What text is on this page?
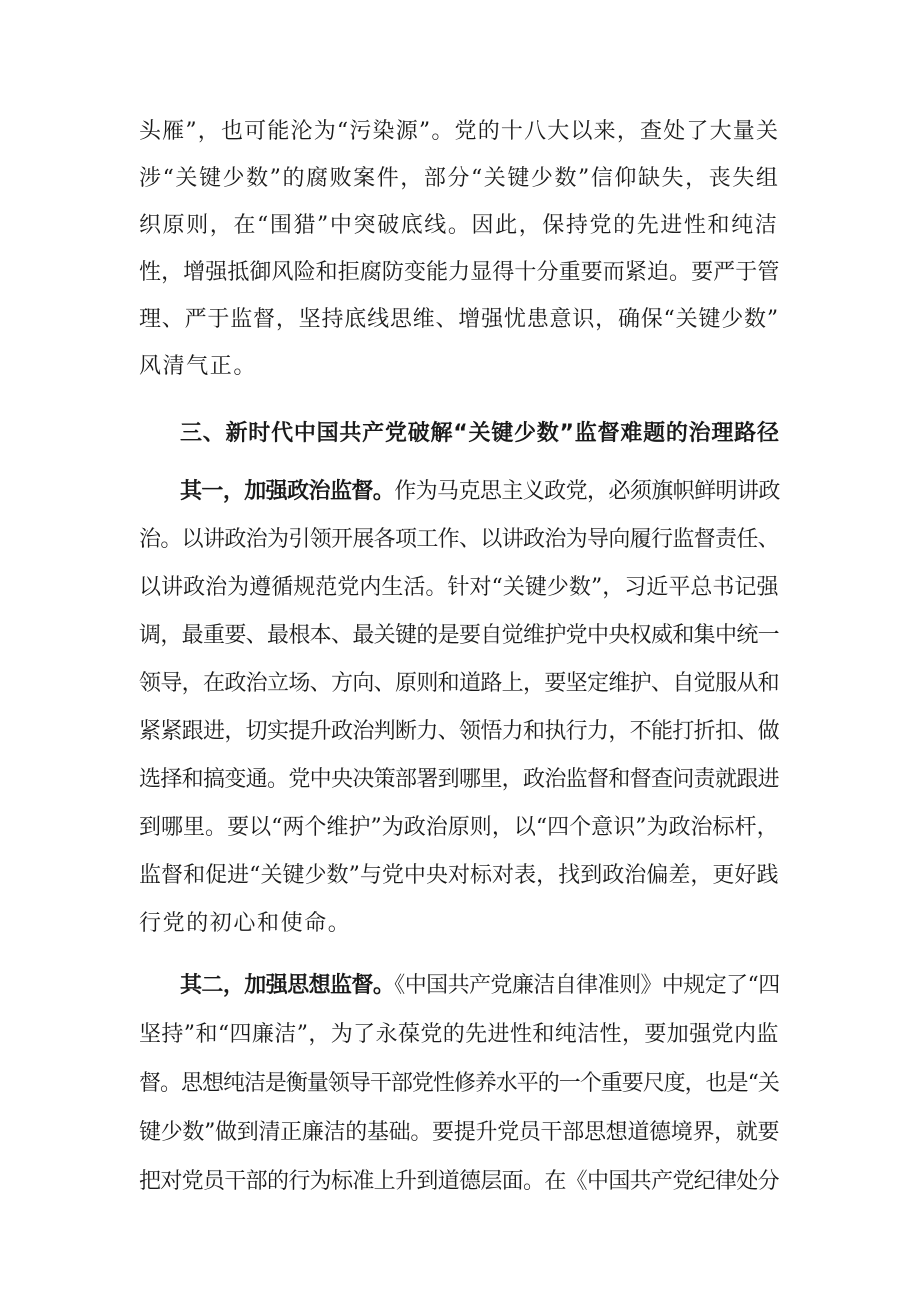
头雁”，也可能沦为“污染源”。党的十八大以来，查处了大量关
涉“关键少数”的腐败案件，部分“关键少数”信仰缺失，丧失组
织原则，在“围猎”中突破底线。因此，保持党的先进性和纯洁
性，增强抵御风险和拒腐防变能力显得十分重要而紧迫。要严于管
理、严于监督，坚持底线思维、增强忧患意识，确保“关键少数”
风清气正。
三、新时代中国共产党破解“关键少数”监督难题的治理路径
其一，加强政治监督。作为马克思主义政党，必须旗帜鲜明讲政
治。以讲政治为引领开展各项工作、以讲政治为导向履行监督责任、
以讲政治为遵循规范党内生活。针对“关键少数”，习近平总书记强
调，最重要、最根本、最关键的是要自觉维护党中央权威和集中统一
领导，在政治立场、方向、原则和道路上，要坚定维护、自觉服从和
紧紧跟进，切实提升政治判断力、领悟力和执行力，不能打折扣、做
选择和搞变通。党中央决策部署到哪里，政治监督和督查问责就跟进
到哪里。要以“两个维护”为政治原则，以“四个意识”为政治标杆，
监督和促进“关键少数”与党中央对标对表，找到政治偏差，更好践
行党的初心和使命。
其二，加强思想监督。《中国共产党廉洁自律准则》中规定了“四
坚持”和“四廉洁”，为了永葆党的先进性和纯洁性，要加强党内监
督。思想纯洁是衡量领导干部党性修养水平的一个重要尺度，也是“关
键少数”做到清正廉洁的基础。要提升党员干部思想道德境界，就要
把对党员干部的行为标准上升到道德层面。在《中国共产党纪律处分
